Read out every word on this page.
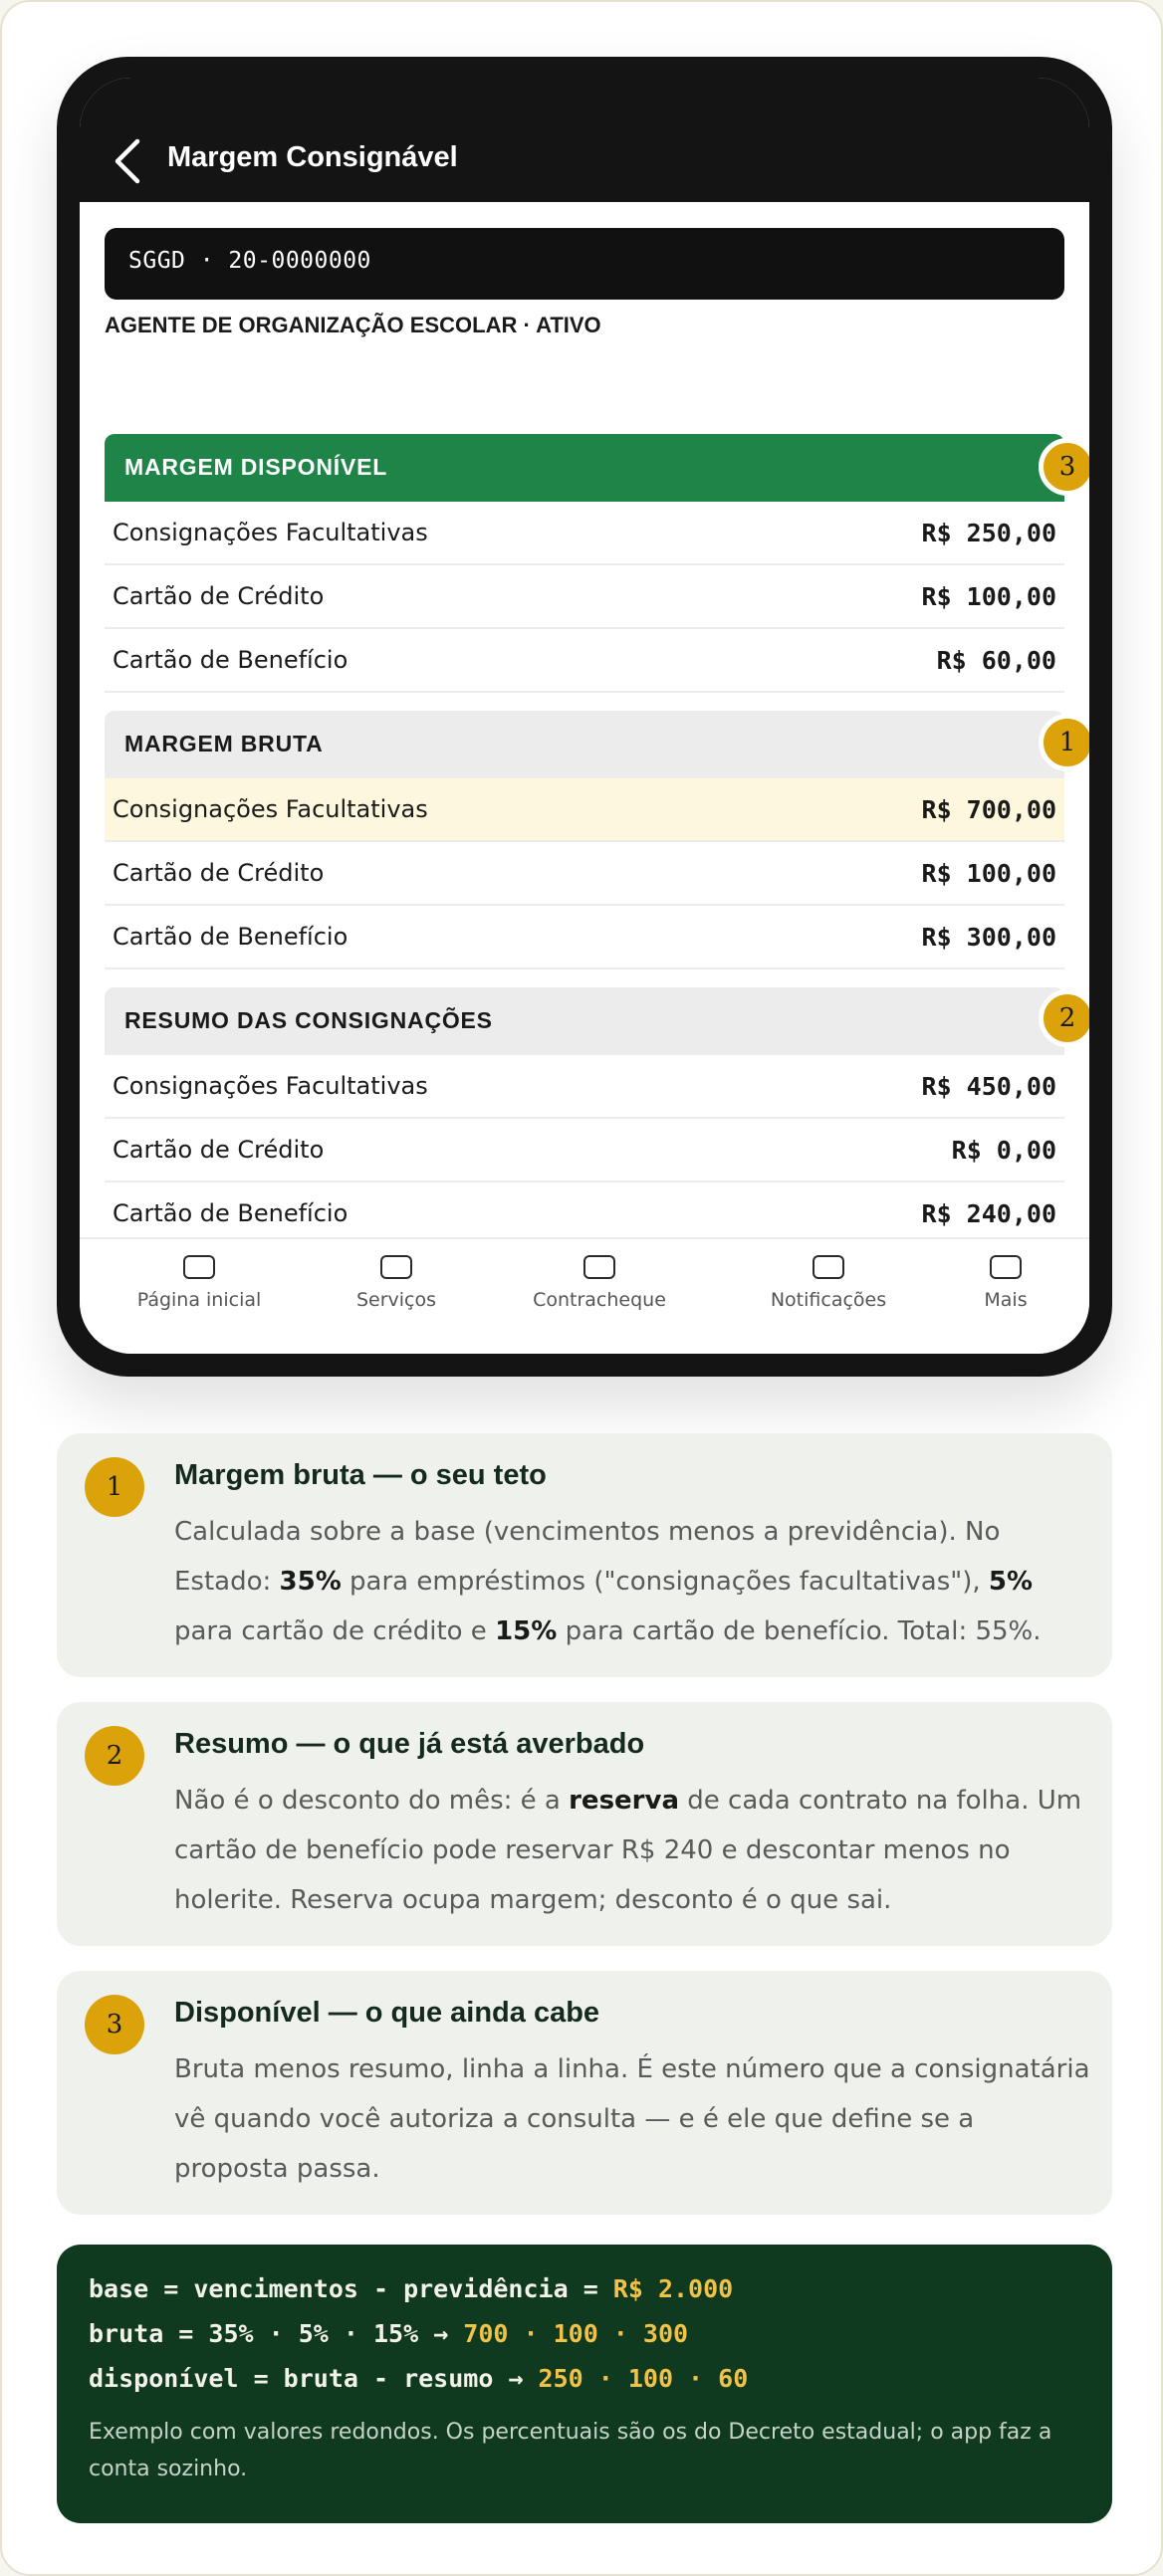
Margem Consignável
SGGD · 20-0000000
AGENTE DE ORGANIZAÇÃO ESCOLAR · ATIVO
MARGEM DISPONÍVEL	3
Consignações Facultativas	R$ 250,00
Cartão de Crédito	R$ 100,00
Cartão de Benefício	R$ 60,00
MARGEM BRUTA	1
Consignações Facultativas	R$ 700,00
Cartão de Crédito	R$ 100,00
Cartão de Benefício	R$ 300,00
RESUMO DAS CONSIGNAÇÕES	2
Consignações Facultativas	R$ 450,00
Cartão de Crédito	R$ 0,00
Cartão de Benefício	R$ 240,00
Página inicial	Serviços	Contracheque	Notificações	Mais
1	Margem bruta — o seu teto
Calculada sobre a base (vencimentos menos a previdência). No Estado: 35% para empréstimos ("consignações facultativas"), 5% para cartão de crédito e 15% para cartão de benefício. Total: 55%.
2	Resumo — o que já está averbado
Não é o desconto do mês: é a reserva de cada contrato na folha. Um cartão de benefício pode reservar R$ 240 e descontar menos no holerite. Reserva ocupa margem; desconto é o que sai.
3	Disponível — o que ainda cabe
Bruta menos resumo, linha a linha. É este número que a consignatária vê quando você autoriza a consulta — e é ele que define se a proposta passa.
base = vencimentos - previdência = R$ 2.000
bruta = 35% · 5% · 15% → 700 · 100 · 300
disponível = bruta - resumo → 250 · 100 · 60
Exemplo com valores redondos. Os percentuais são os do Decreto estadual; o app faz a conta sozinho.
